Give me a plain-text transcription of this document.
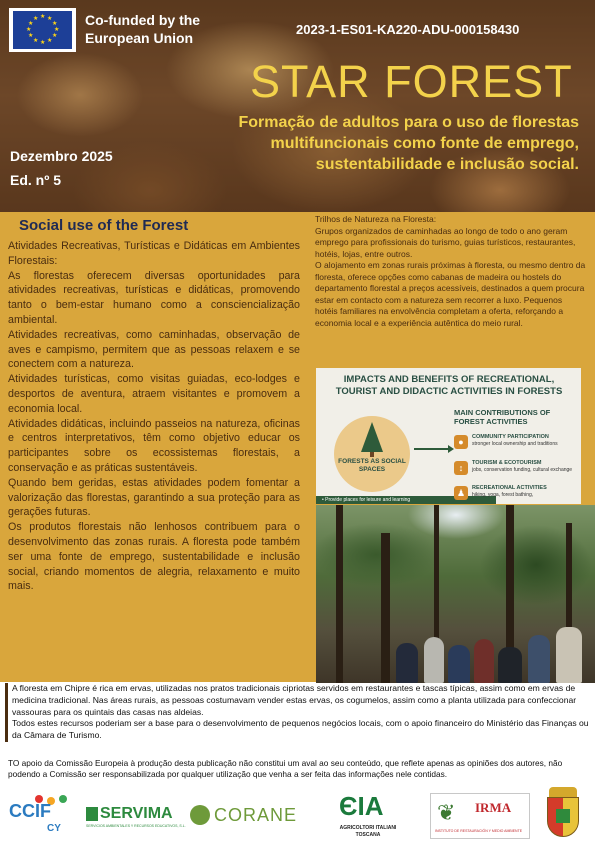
★ ★
★
★
★
★
★
★
★
★
★
★	Co-funded by the European Union
2023-1-ES01-KA220-ADU-000158430
STAR FOREST
Formação de adultos para o uso de florestas multifuncionais como fonte de emprego, sustentabilidade e inclusão social.
Dezembro 2025
Ed. nº 5
Social use of the Forest

Atividades Recreativas, Turísticas e Didáticas em Ambientes Florestais:

As florestas oferecem diversas oportunidades para atividades recreativas, turísticas e didáticas, promovendo tanto o bem-estar humano como a consciencialização ambiental.

Atividades recreativas, como caminhadas, observação de aves e campismo, permitem que as pessoas relaxem e se conectem com a natureza.

Atividades turísticas, como visitas guiadas, eco-lodges e desportos de aventura, atraem visitantes e promovem a economia local.

Atividades didáticas, incluindo passeios na natureza, oficinas e centros interpretativos, têm como objetivo educar os participantes sobre os ecossistemas florestais, a conservação e as práticas sustentáveis.

Quando bem geridas, estas atividades podem fomentar a valorização das florestas, garantindo a sua proteção para as gerações futuras.

Os produtos florestais não lenhosos contribuem para o desenvolvimento das zonas rurais. A floresta pode também ser uma fonte de emprego, sustentabilidade e inclusão social, criando momentos de alegria, relaxamento e muito mais.

Trilhos de Natureza na Floresta:

Grupos organizados de caminhadas ao longo de todo o ano geram emprego para profissionais do turismo, guias turísticos, restaurantes, hotéis, lojas, entre outros.

O alojamento em zonas rurais próximas à floresta, ou mesmo dentro da floresta, oferece opções como cabanas de madeira ou hostels do departamento florestal a preços acessíveis, destinados a quem procura estar em contacto com a natureza sem recorrer a luxo. Pequenos hotéis familiares na envolvência completam a oferta, reforçando a economia local e a experiência autêntica do meio rural.

IMPACTS AND BENEFITS OF RECREATIONAL, TOURIST AND DIDACTIC ACTIVITIES IN FORESTS
FORESTS AS SOCIAL SPACES
• Provide places for leisure and learning
MAIN CONTRIBUTIONS OF FOREST ACTIVITIES
●	COMMUNITY PARTICIPATION
stronger local ownership and traditions
↕	TOURISM & ECOTOURISM
jobs, conservation funding, cultural exchange
♟	RECREATIONAL ACTIVITIES
hiking, yoga, forest bathing,

A floresta em Chipre é rica em ervas, utilizadas nos pratos tradicionais cipriotas servidos em restaurantes e tascas típicas, assim como em ervas de medicina tradicional. Nas áreas rurais, as pessoas costumavam vender estas ervas, os cogumelos, assim como a planta utilizada para confeccionar vassouras para os quintais das casas nas aldeias.

Todos estes recursos poderiam ser a base para o desenvolvimento de pequenos negócios locais, com o apoio financeiro do Ministério das Finanças ou da Câmara de Turismo.

TO apoio da Comissão Europeia à produção desta publicação não constitui um aval ao seu conteúdo, que reflete apenas as opiniões dos autores, não podendo a Comissão ser responsabilizada por qualquer utilização que venha a ser feita das informações nele contidas.
CCIF
CY
SERVIMA
SERVICIOS AMBIENTALES Y RECURSOS EDUCATIVOS, S.L.
CORANE ЄІА
AGRICOLTORI ITALIANI TOSCANA
❦ IRMA
INSTITUTO DE RESTAURACIÓN Y MEDIO AMBIENTE
